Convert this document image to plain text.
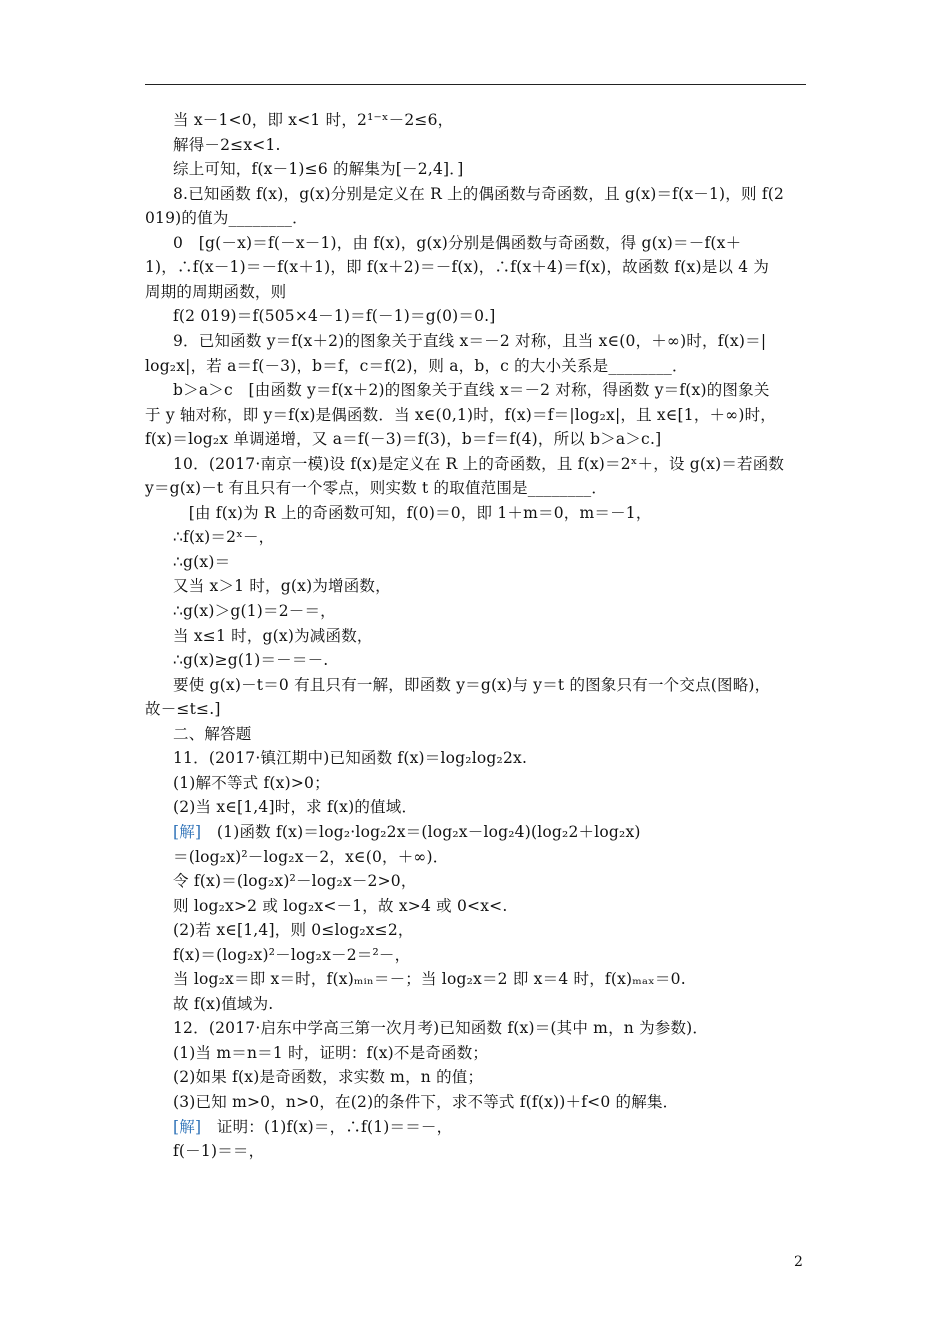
当 x－1<0，即 x<1 时，2¹⁻ˣ－2≤6，
解得－2≤x<1.
综上可知，f(x－1)≤6 的解集为[－2,4]．]
8.已知函数 f(x)，g(x)分别是定义在 R 上的偶函数与奇函数，且 g(x)＝f(x－1)，则 f(2
019)的值为________．
0　[g(－x)＝f(－x－1)，由 f(x)，g(x)分别是偶函数与奇函数，得 g(x)＝－f(x＋
1)，∴f(x－1)＝－f(x＋1)，即 f(x＋2)＝－f(x)，∴f(x＋4)＝f(x)，故函数 f(x)是以 4 为
周期的周期函数，则
f(2 019)＝f(505×4－1)＝f(－1)＝g(0)＝0.]
9．已知函数 y＝f(x＋2)的图象关于直线 x＝－2 对称，且当 x∈(0，＋∞)时，f(x)＝|
log₂x|，若 a＝f(－3)，b＝f，c＝f(2)，则 a，b，c 的大小关系是________．
b＞a＞c　[由函数 y＝f(x＋2)的图象关于直线 x＝－2 对称，得函数 y＝f(x)的图象关
于 y 轴对称，即 y＝f(x)是偶函数．当 x∈(0,1)时，f(x)＝f＝|log₂x|，且 x∈[1，＋∞)时，
f(x)＝log₂x 单调递增，又 a＝f(－3)＝f(3)，b＝f＝f(4)，所以 b＞a＞c.]
10．(2017·南京一模)设 f(x)是定义在 R 上的奇函数，且 f(x)＝2ˣ＋，设 g(x)＝若函数
y＝g(x)－t 有且只有一个零点，则实数 t 的取值范围是________．
　[由 f(x)为 R 上的奇函数可知，f(0)＝0，即 1＋m＝0，m＝－1，
∴f(x)＝2ˣ－，
∴g(x)＝
又当 x＞1 时，g(x)为增函数，
∴g(x)＞g(1)＝2－＝，
当 x≤1 时，g(x)为减函数，
∴g(x)≥g(1)＝－＝－.
要使 g(x)－t＝0 有且只有一解，即函数 y＝g(x)与 y＝t 的图象只有一个交点(图略)，
故－≤t≤.]
二、解答题
11．(2017·镇江期中)已知函数 f(x)＝log₂log₂2x.
(1)解不等式 f(x)>0；
(2)当 x∈[1,4]时，求 f(x)的值域．
[解]　(1)函数 f(x)＝log₂·log₂2x＝(log₂x－log₂4)(log₂2＋log₂x)
＝(log₂x)²－log₂x－2，x∈(0，＋∞)．
令 f(x)＝(log₂x)²－log₂x－2>0，
则 log₂x>2 或 log₂x<－1，故 x>4 或 0<x<.
(2)若 x∈[1,4]，则 0≤log₂x≤2，
f(x)＝(log₂x)²－log₂x－2＝²－，
当 log₂x＝即 x＝时，f(x)ₘᵢₙ＝－；当 log₂x＝2 即 x＝4 时，f(x)ₘₐₓ＝0.
故 f(x)值域为.
12．(2017·启东中学高三第一次月考)已知函数 f(x)＝(其中 m，n 为参数)．
(1)当 m＝n＝1 时，证明：f(x)不是奇函数；
(2)如果 f(x)是奇函数，求实数 m，n 的值；
(3)已知 m>0，n>0，在(2)的条件下，求不等式 f(f(x))＋f<0 的解集．
[解]　证明：(1)f(x)＝，∴f(1)＝＝－，
f(－1)＝＝，
2
